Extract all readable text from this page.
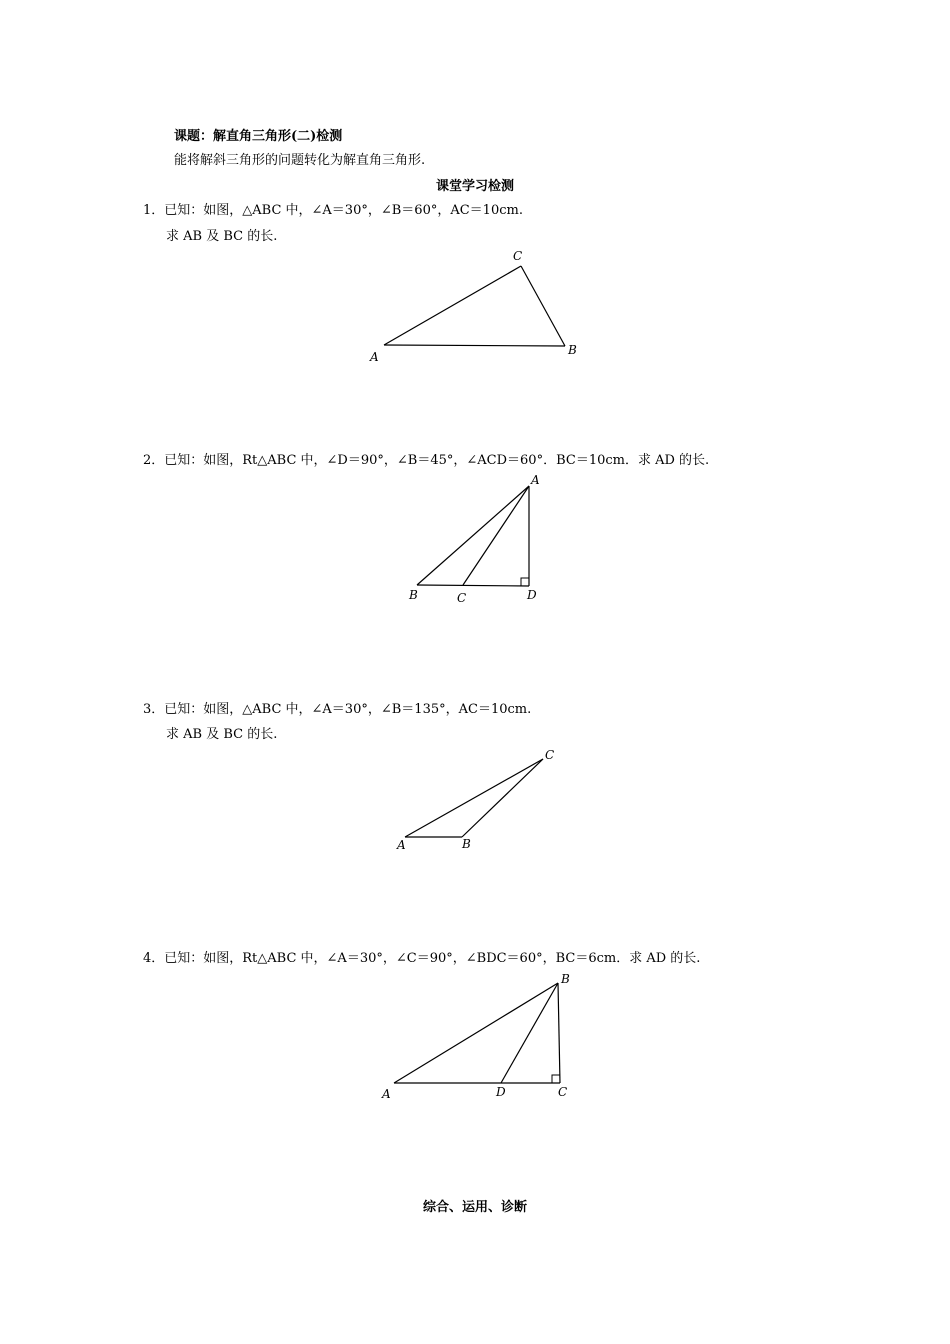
课题：解直角三角形(二)检测
能将解斜三角形的问题转化为解直角三角形.
课堂学习检测
1．已知：如图，△ABC 中，∠A＝30°，∠B＝60°，AC＝10cm.
求 AB 及 BC 的长.
A	B
C
2．已知：如图，Rt△ABC 中，∠D＝90°，∠B＝45°，∠ACD＝60°．BC＝10cm．求 AD 的长.
B	C	D
A
3．已知：如图，△ABC 中，∠A＝30°，∠B＝135°，AC＝10cm.
求 AB 及 BC 的长.
A	B
C
4．已知：如图，Rt△ABC 中，∠A＝30°，∠C＝90°，∠BDC＝60°，BC＝6cm．求 AD 的长.
A	D	C
B
综合、运用、诊断
